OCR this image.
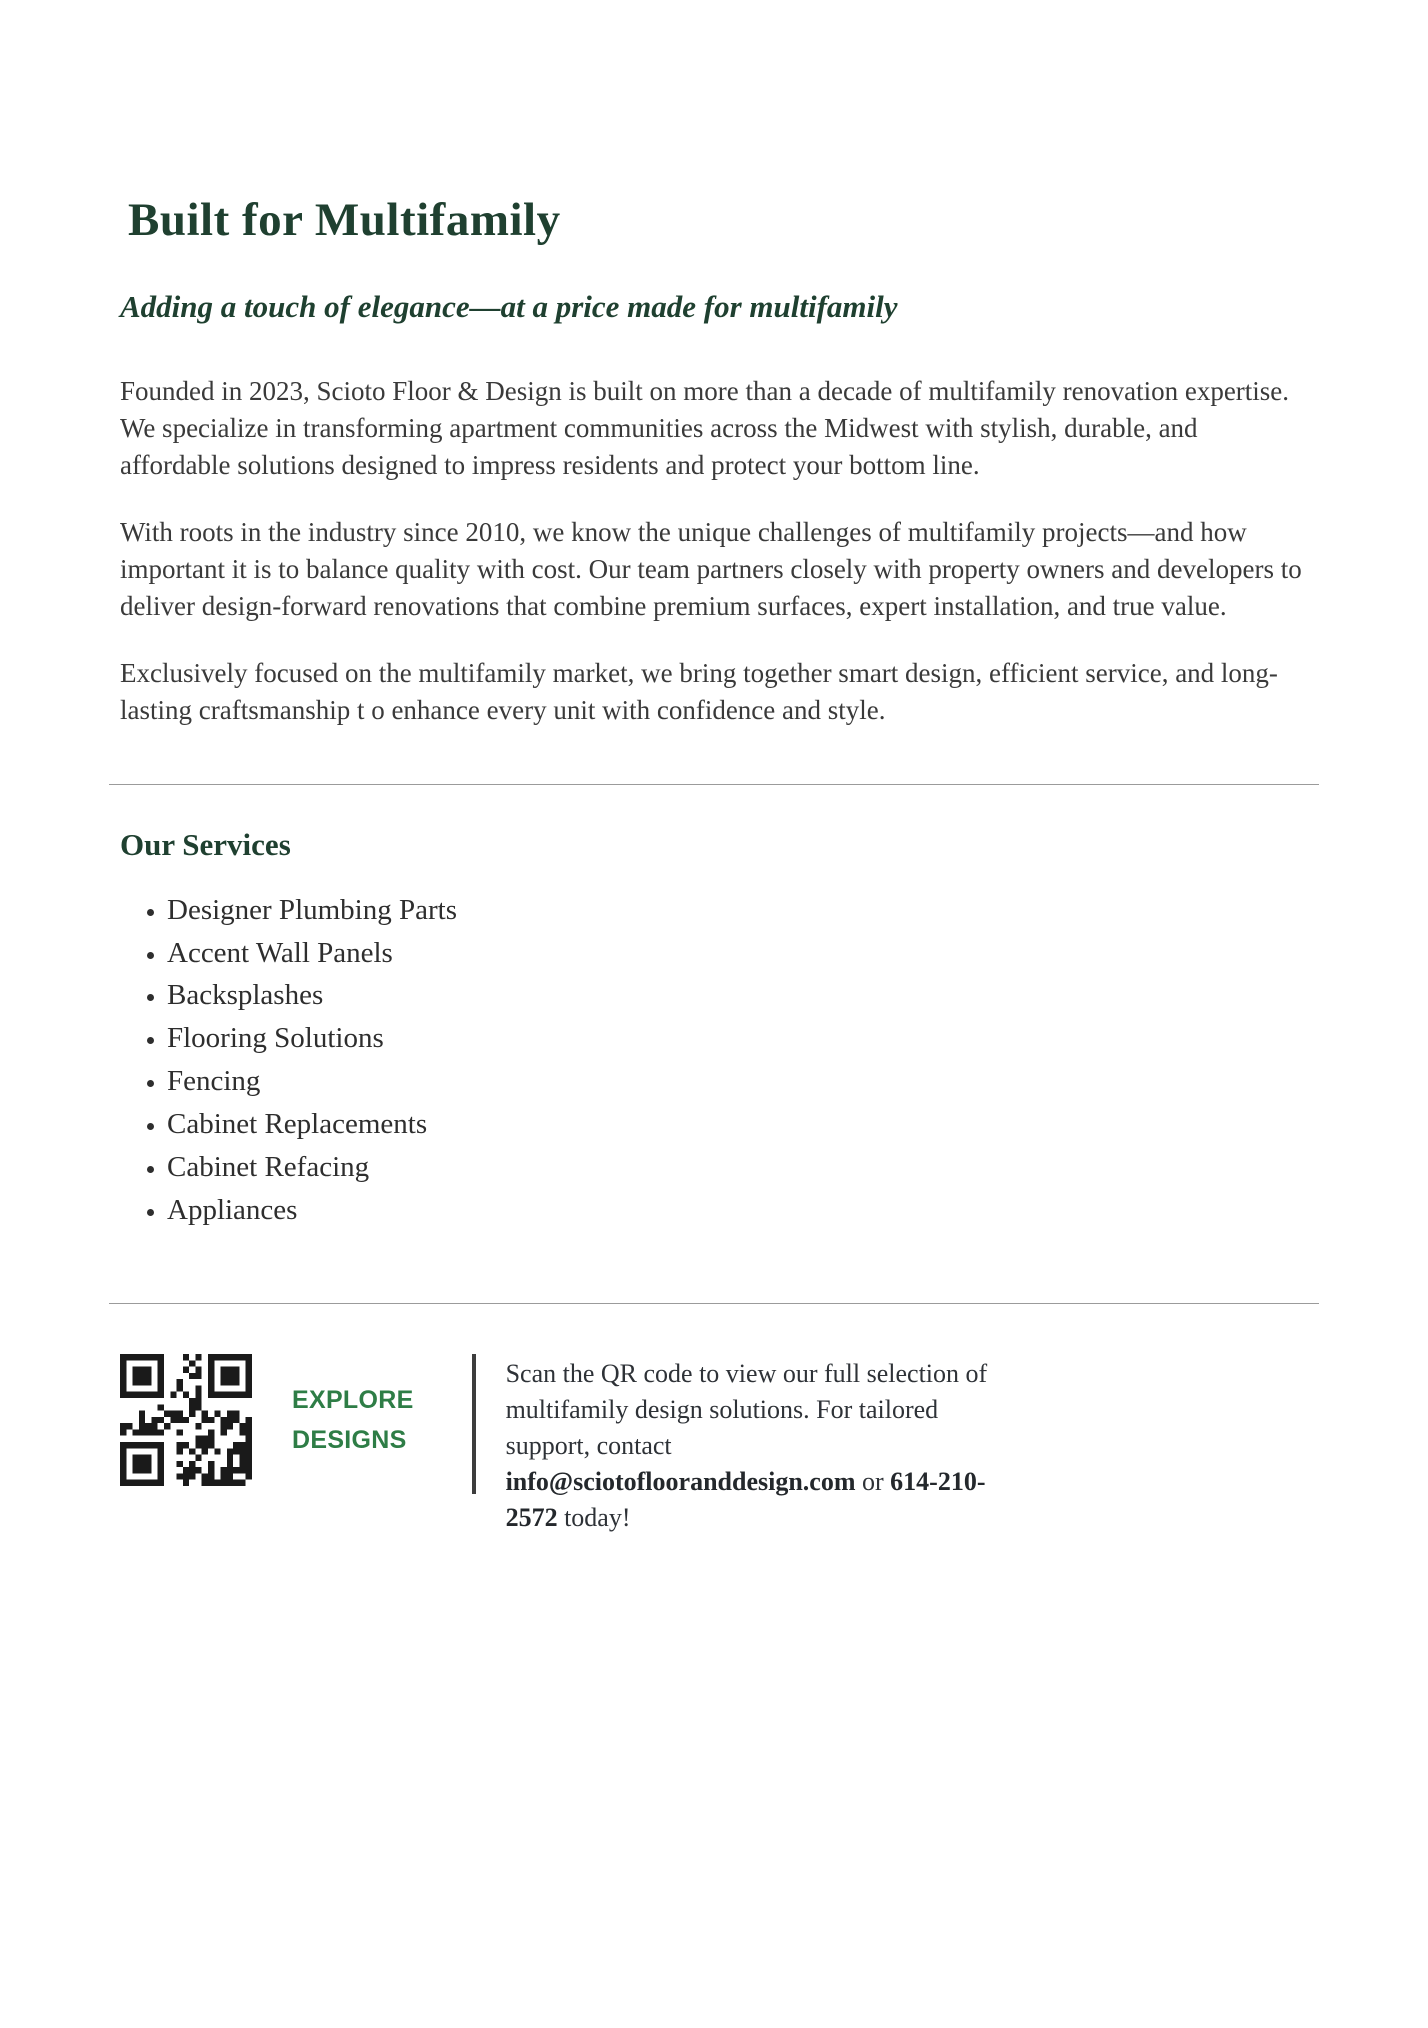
Built for Multifamily

Adding a touch of elegance—at a price made for multifamily

Founded in 2023, Scioto Floor & Design is built on more than a decade of multifamily renovation expertise. We specialize in transforming apartment communities across the Midwest with stylish, durable, and affordable solutions designed to impress residents and protect your bottom line.

With roots in the industry since 2010, we know the unique challenges of multifamily projects—and how important it is to balance quality with cost. Our team partners closely with property owners and developers to deliver design-forward renovations that combine premium surfaces, expert installation, and true value.

Exclusively focused on the multifamily market, we bring together smart design, efficient service, and long-lasting craftsmanship t o enhance every unit with confidence and style.

Our Services
• Designer Plumbing Parts
• Accent Wall Panels
• Backsplashes
• Flooring Solutions
• Fencing
• Cabinet Replacements
• Cabinet Refacing
• Appliances
EXPLORE
DESIGNS

Scan the QR code to view our full selection of multifamily design solutions. For tailored support, contact info@sciotoflooranddesign.com or 614-210-2572 today!
